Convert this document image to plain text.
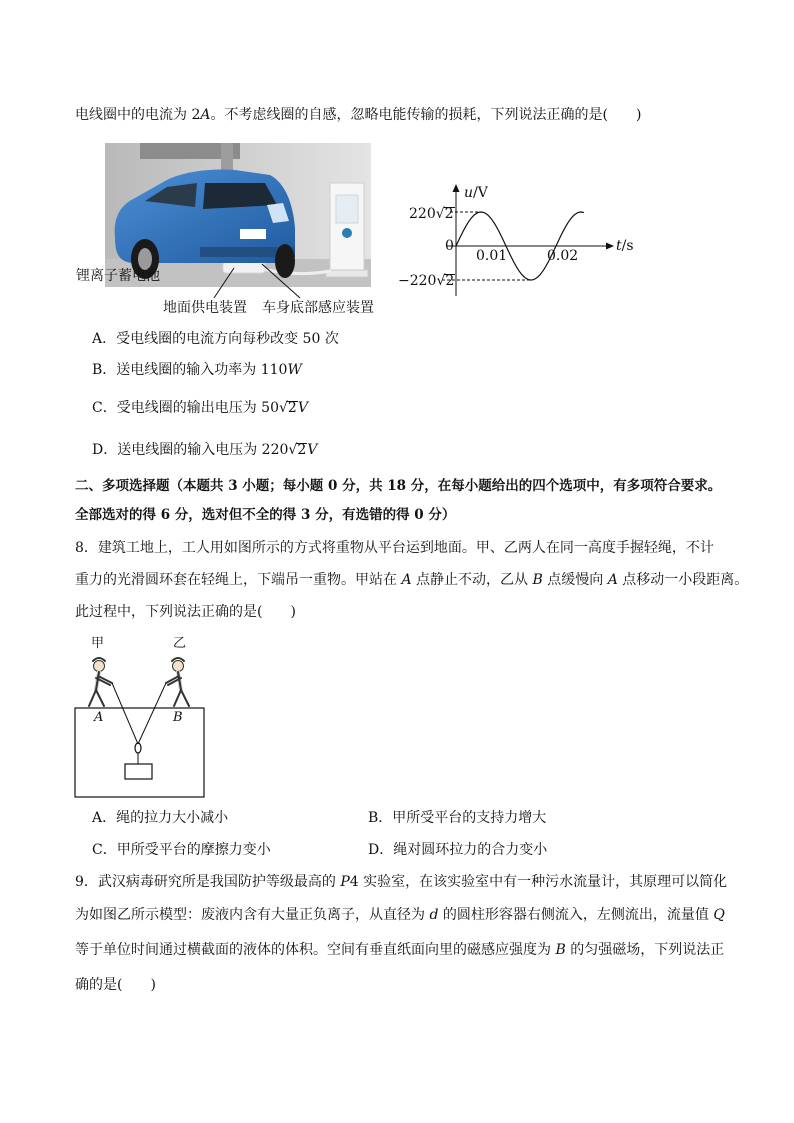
电线圈中的电流为 2A。不考虑线圈的自感，忽略电能传输的损耗，下列说法正确的是(　　)
锂离子蓄电池
地面供电装置 车身底部感应装置
u/V
220√2
0
0.01	0.02
t/s
−220√2
A．受电线圈的电流方向每秒改变 50 次
B．送电线圈的输入功率为 110W
C．受电线圈的输出电压为 50√2V
D．送电线圈的输入电压为 220√2V
二、多项选择题（本题共 3 小题；每小题 0 分，共 18 分，在每小题给出的四个选项中，有多项符合要求。
全部选对的得 6 分，选对但不全的得 3 分，有选错的得 0 分）
8．建筑工地上，工人用如图所示的方式将重物从平台运到地面。甲、乙两人在同一高度手握轻绳，不计
重力的光滑圆环套在轻绳上，下端吊一重物。甲站在 A 点静止不动，乙从 B 点缓慢向 A 点移动一小段距离。
此过程中，下列说法正确的是(　　)
甲	乙
A	B
A．绳的拉力大小减小	B．甲所受平台的支持力增大
C．甲所受平台的摩擦力变小	D．绳对圆环拉力的合力变小
9．武汉病毒研究所是我国防护等级最高的 P4 实验室，在该实验室中有一种污水流量计，其原理可以简化
为如图乙所示模型：废液内含有大量正负离子，从直径为 d 的圆柱形容器右侧流入，左侧流出，流量值 Q
等于单位时间通过横截面的液体的体积。空间有垂直纸面向里的磁感应强度为 B 的匀强磁场，下列说法正
确的是(　　)
